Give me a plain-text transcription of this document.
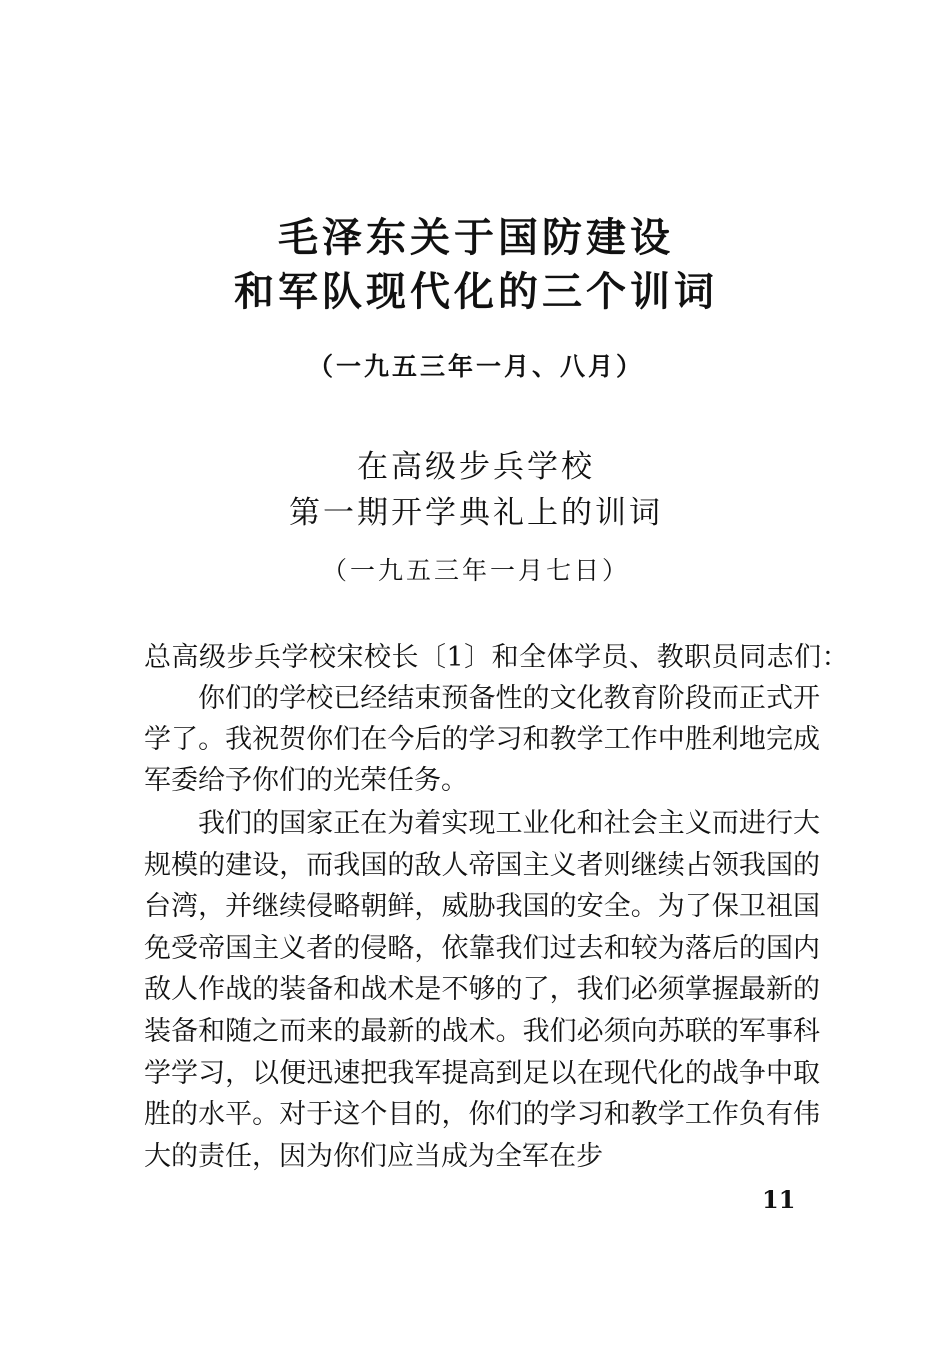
毛泽东关于国防建设
和军队现代化的三个训词
（一九五三年一月、八月）
在高级步兵学校
第一期开学典礼上的训词
（一九五三年一月七日）
总高级步兵学校宋校长〔1〕和全体学员、教职员同志们：

你们的学校已经结束预备性的文化教育阶段而正式开学了。我祝贺你们在今后的学习和教学工作中胜利地完成军委给予你们的光荣任务。

我们的国家正在为着实现工业化和社会主义而进行大规模的建设，而我国的敌人帝国主义者则继续占领我国的台湾，并继续侵略朝鲜，威胁我国的安全。为了保卫祖国免受帝国主义者的侵略，依靠我们过去和较为落后的国内敌人作战的装备和战术是不够的了，我们必须掌握最新的装备和随之而来的最新的战术。我们必须向苏联的军事科学学习，以便迅速把我军提高到足以在现代化的战争中取胜的水平。对于这个目的，你们的学习和教学工作负有伟大的责任，因为你们应当成为全军在步

11
